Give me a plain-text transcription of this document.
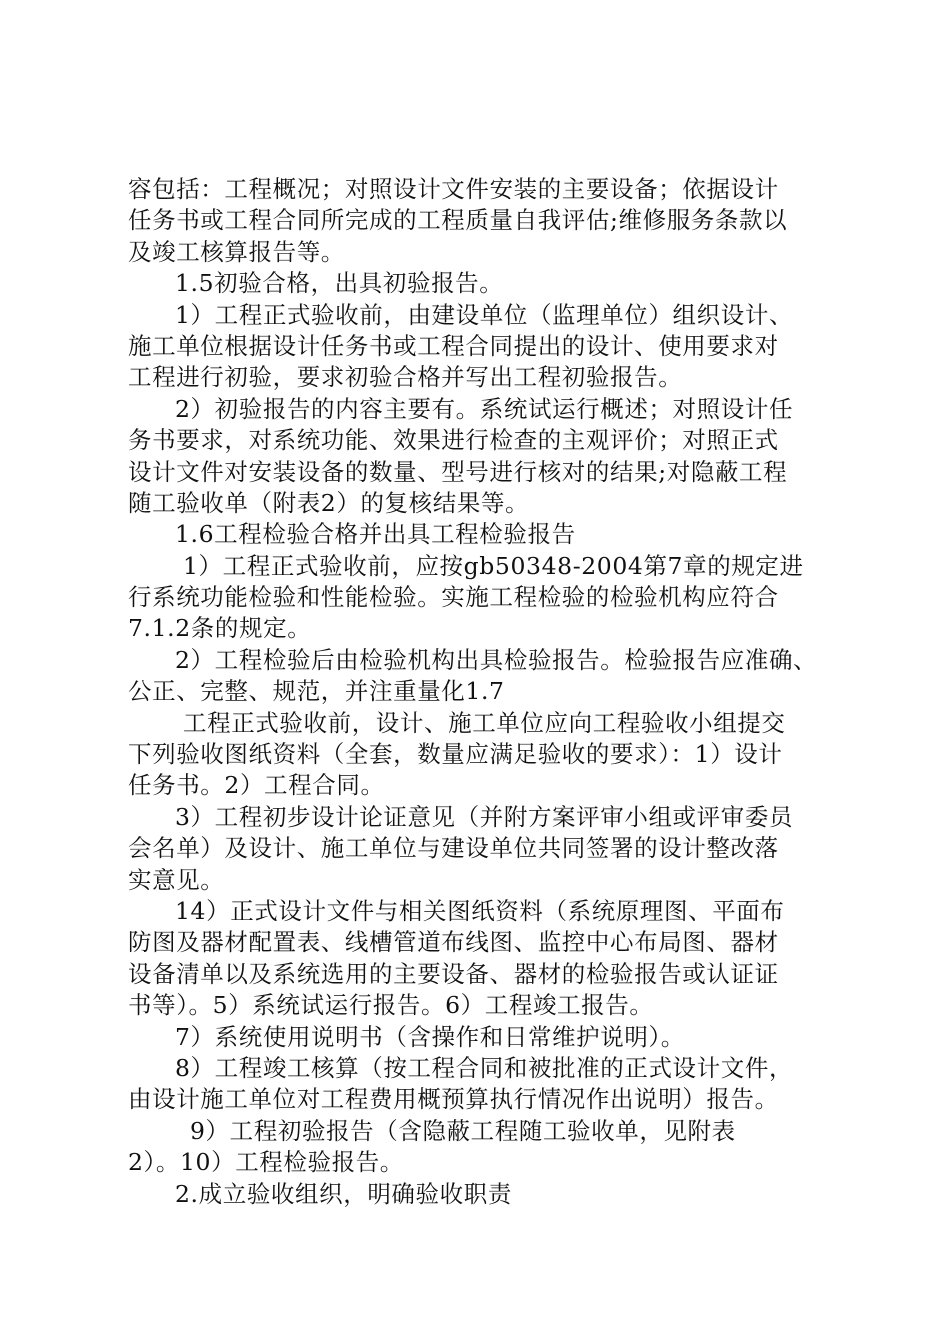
容包括：工程概况；对照设计文件安装的主要设备；依据设计
任务书或工程合同所完成的工程质量自我评估;维修服务条款以
及竣工核算报告等。
1.5初验合格，出具初验报告。
1）工程正式验收前，由建设单位（监理单位）组织设计、
施工单位根据设计任务书或工程合同提出的设计、使用要求对
工程进行初验，要求初验合格并写出工程初验报告。
2）初验报告的内容主要有。系统试运行概述；对照设计任
务书要求，对系统功能、效果进行检查的主观评价；对照正式
设计文件对安装设备的数量、型号进行核对的结果;对隐蔽工程
随工验收单（附表2）的复核结果等。
1.6工程检验合格并出具工程检验报告
1）工程正式验收前，应按gb50348-2004第7章的规定进
行系统功能检验和性能检验。实施工程检验的检验机构应符合
7.1.2条的规定。
2）工程检验后由检验机构出具检验报告。检验报告应准确、
公正、完整、规范，并注重量化1.7
工程正式验收前，设计、施工单位应向工程验收小组提交
下列验收图纸资料（全套，数量应满足验收的要求）：1）设计
任务书。2）工程合同。
3）工程初步设计论证意见（并附方案评审小组或评审委员
会名单）及设计、施工单位与建设单位共同签署的设计整改落
实意见。
14）正式设计文件与相关图纸资料（系统原理图、平面布
防图及器材配置表、线槽管道布线图、监控中心布局图、器材
设备清单以及系统选用的主要设备、器材的检验报告或认证证
书等）。5）系统试运行报告。6）工程竣工报告。
7）系统使用说明书（含操作和日常维护说明）。
8）工程竣工核算（按工程合同和被批准的正式设计文件，
由设计施工单位对工程费用概预算执行情况作出说明）报告。
9）工程初验报告（含隐蔽工程随工验收单，见附表
2）。10）工程检验报告。
2.成立验收组织，明确验收职责
